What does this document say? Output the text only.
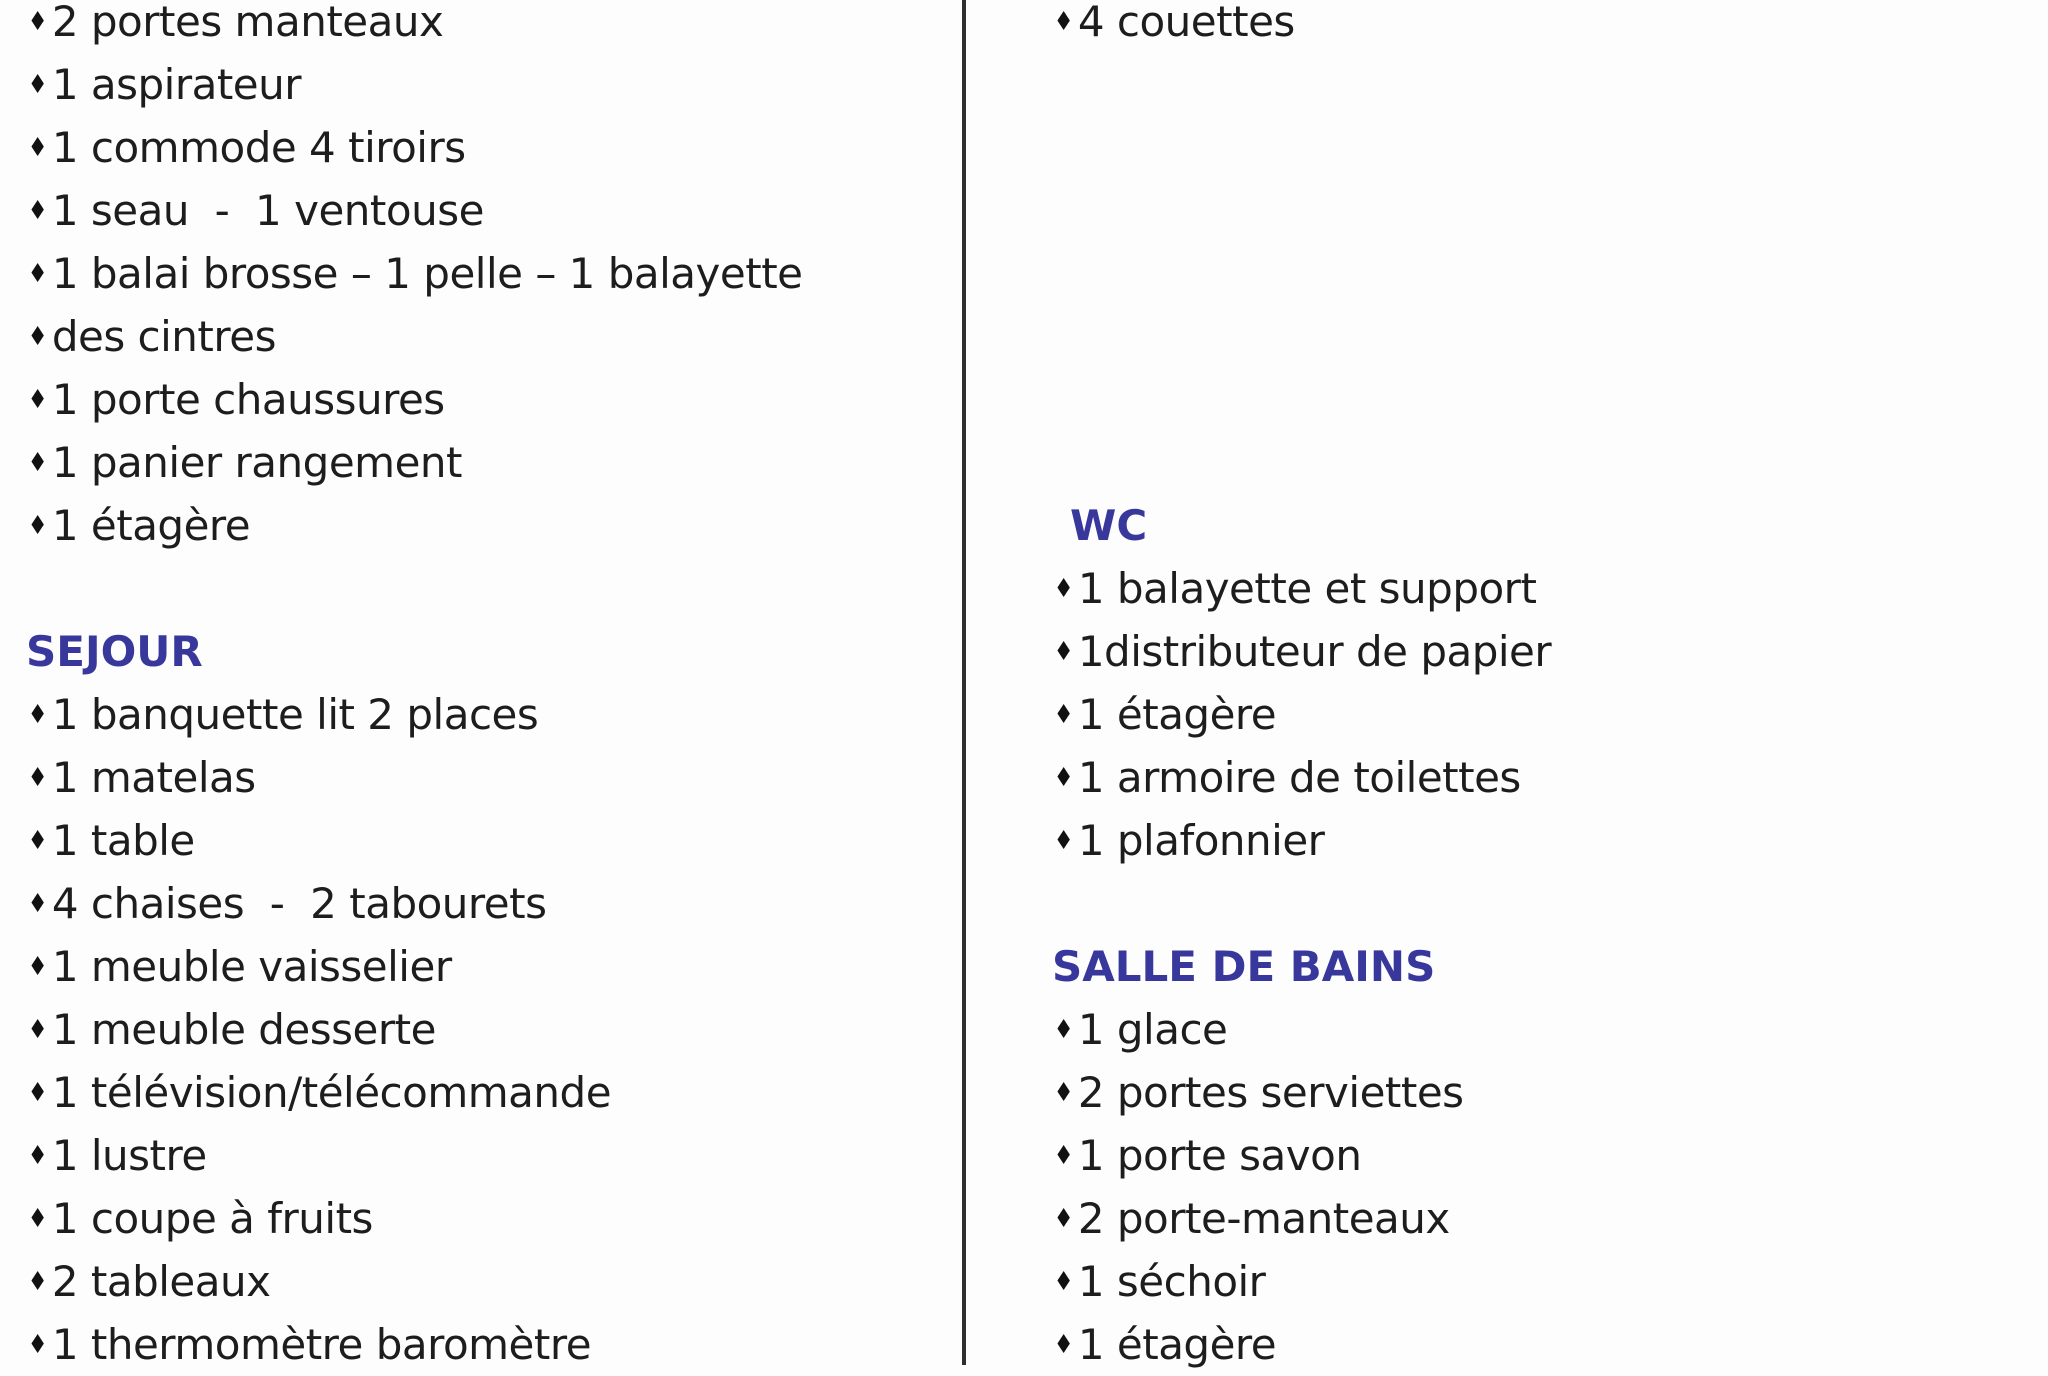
♦ 2 portes manteaux
♦ 1 aspirateur
♦ 1 commode 4 tiroirs
♦ 1 seau  -  1 ventouse
♦ 1 balai brosse – 1 pelle – 1 balayette
♦ des cintres
♦ 1 porte chaussures
♦ 1 panier rangement
♦ 1 étagère
SEJOUR
♦ 1 banquette lit 2 places
♦ 1 matelas
♦ 1 table
♦ 4 chaises  -  2 tabourets
♦ 1 meuble vaisselier
♦ 1 meuble desserte
♦ 1 télévision/télécommande
♦ 1 lustre
♦ 1 coupe à fruits
♦ 2 tableaux
♦ 1 thermomètre baromètre
♦ 4 couettes
WC
♦ 1 balayette et support
♦ 1distributeur de papier
♦ 1 étagère
♦ 1 armoire de toilettes
♦ 1 plafonnier
SALLE DE BAINS
♦ 1 glace
♦ 2 portes serviettes
♦ 1 porte savon
♦ 2 porte-manteaux
♦ 1 séchoir
♦ 1 étagère
